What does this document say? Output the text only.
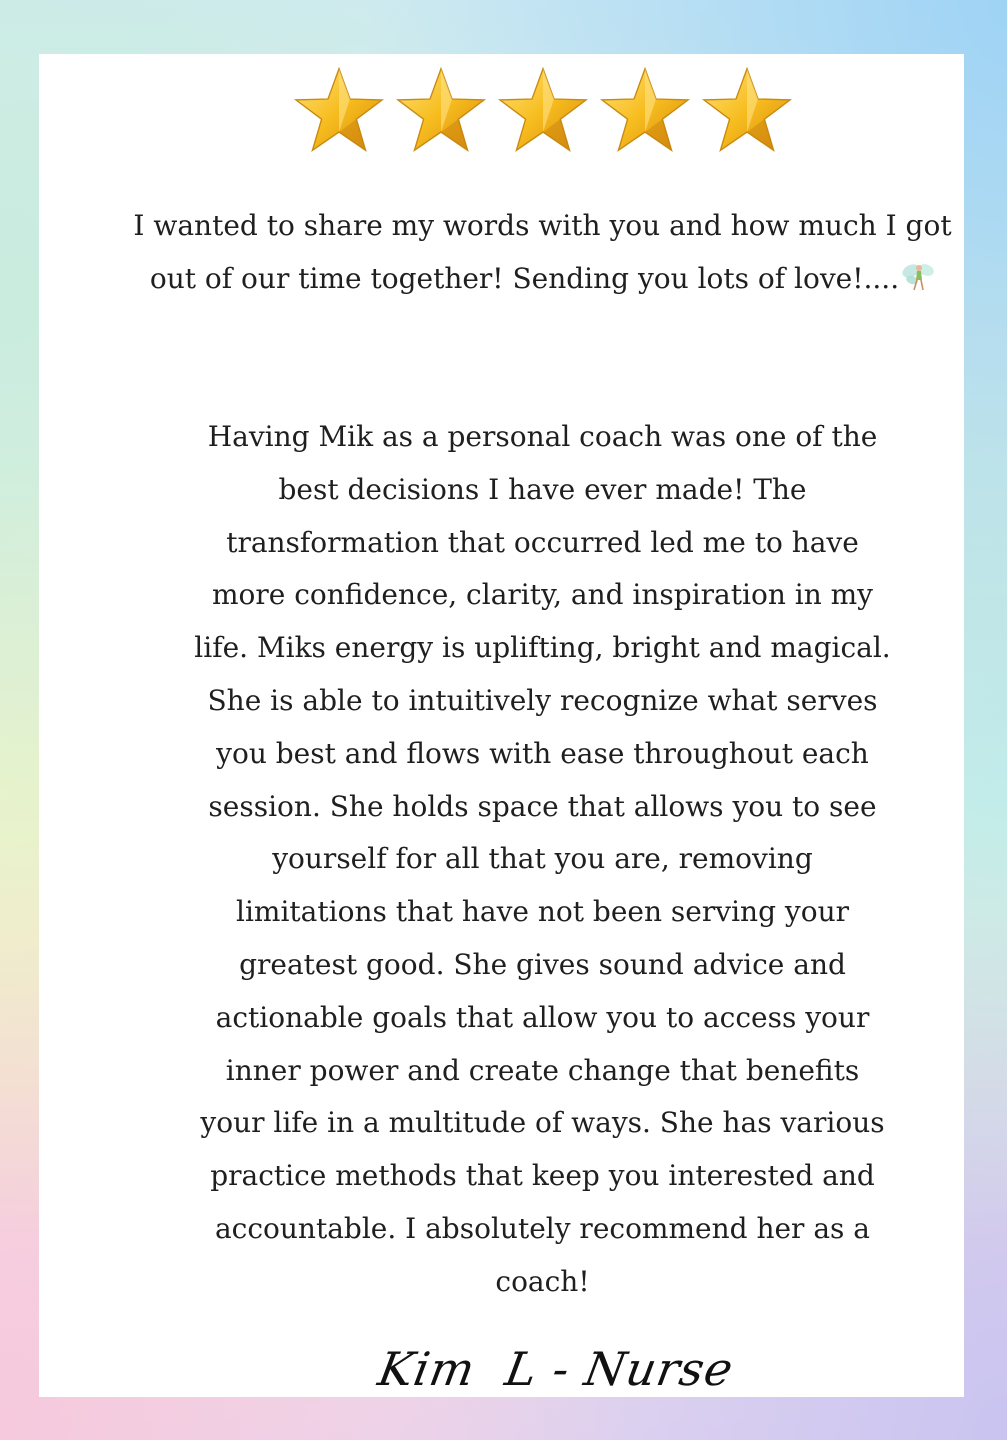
I wanted to share my words with you and how much I got out of our time together! Sending you lots of love!....

Having Mik as a personal coach was one of the
best decisions I have ever made! The
transformation that occurred led me to have
more confidence, clarity, and inspiration in my
life. Miks energy is uplifting, bright and magical.
She is able to intuitively recognize what serves
you best and flows with ease throughout each
session. She holds space that allows you to see
yourself for all that you are, removing
limitations that have not been serving your
greatest good. She gives sound advice and
actionable goals that allow you to access your
inner power and create change that benefits
your life in a multitude of ways. She has various
practice methods that keep you interested and
accountable. I absolutely recommend her as a
coach!
Kim  L - Nurse
